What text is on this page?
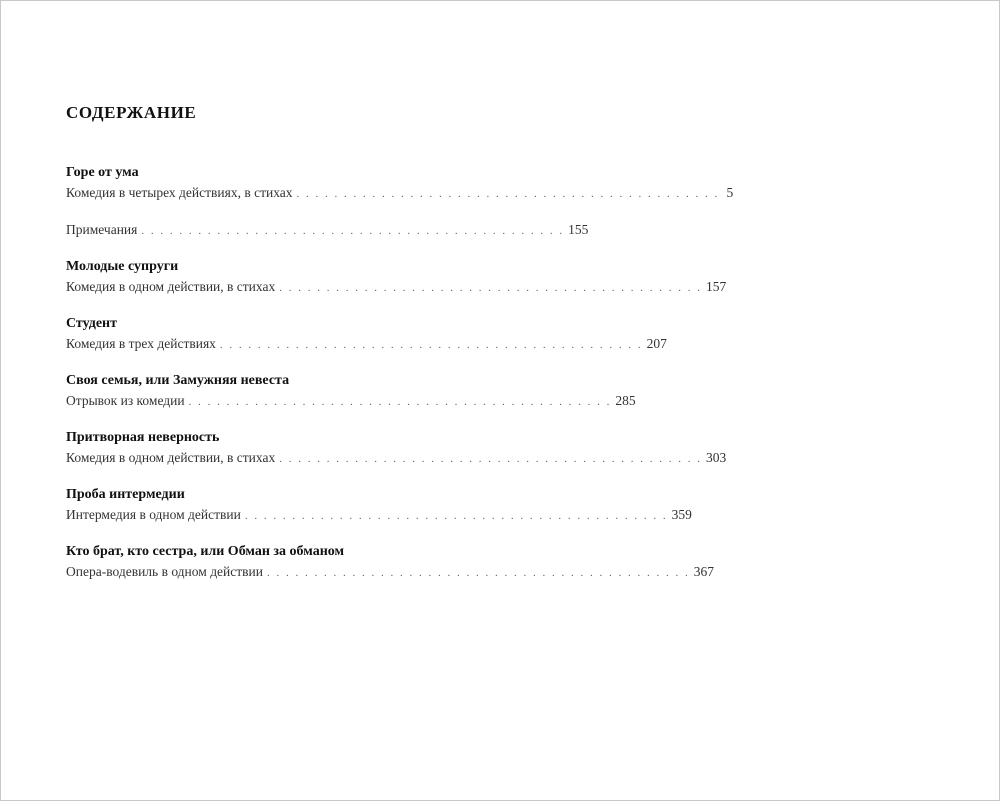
СОДЕРЖАНИЕ
Горе от ума
Комедия в четырех действиях, в стихах . . . . . . . . . . . . . . . . . . . . . . . . . . . . . . . . . . . . . . . . . . . . . 5
Примечания . . . . . . . . . . . . . . . . . . . . . . . . . . . . . . . . . . . . . . . . . . . . . 155
Молодые супруги
Комедия в одном действии, в стихах . . . . . . . . . . . . . . . . . . . . . . . . . . . . . . . . . . . . . . . . . . . . . 157
Студент
Комедия в трех действиях . . . . . . . . . . . . . . . . . . . . . . . . . . . . . . . . . . . . . . . . . . . . . 207
Своя семья, или Замужняя невеста
Отрывок из комедии . . . . . . . . . . . . . . . . . . . . . . . . . . . . . . . . . . . . . . . . . . . . . 285
Притворная неверность
Комедия в одном действии, в стихах . . . . . . . . . . . . . . . . . . . . . . . . . . . . . . . . . . . . . . . . . . . . . 303
Проба интермедии
Интермедия в одном действии . . . . . . . . . . . . . . . . . . . . . . . . . . . . . . . . . . . . . . . . . . . . . 359
Кто брат, кто сестра, или Обман за обманом
Опера-водевиль в одном действии . . . . . . . . . . . . . . . . . . . . . . . . . . . . . . . . . . . . . . . . . . . . . 367
